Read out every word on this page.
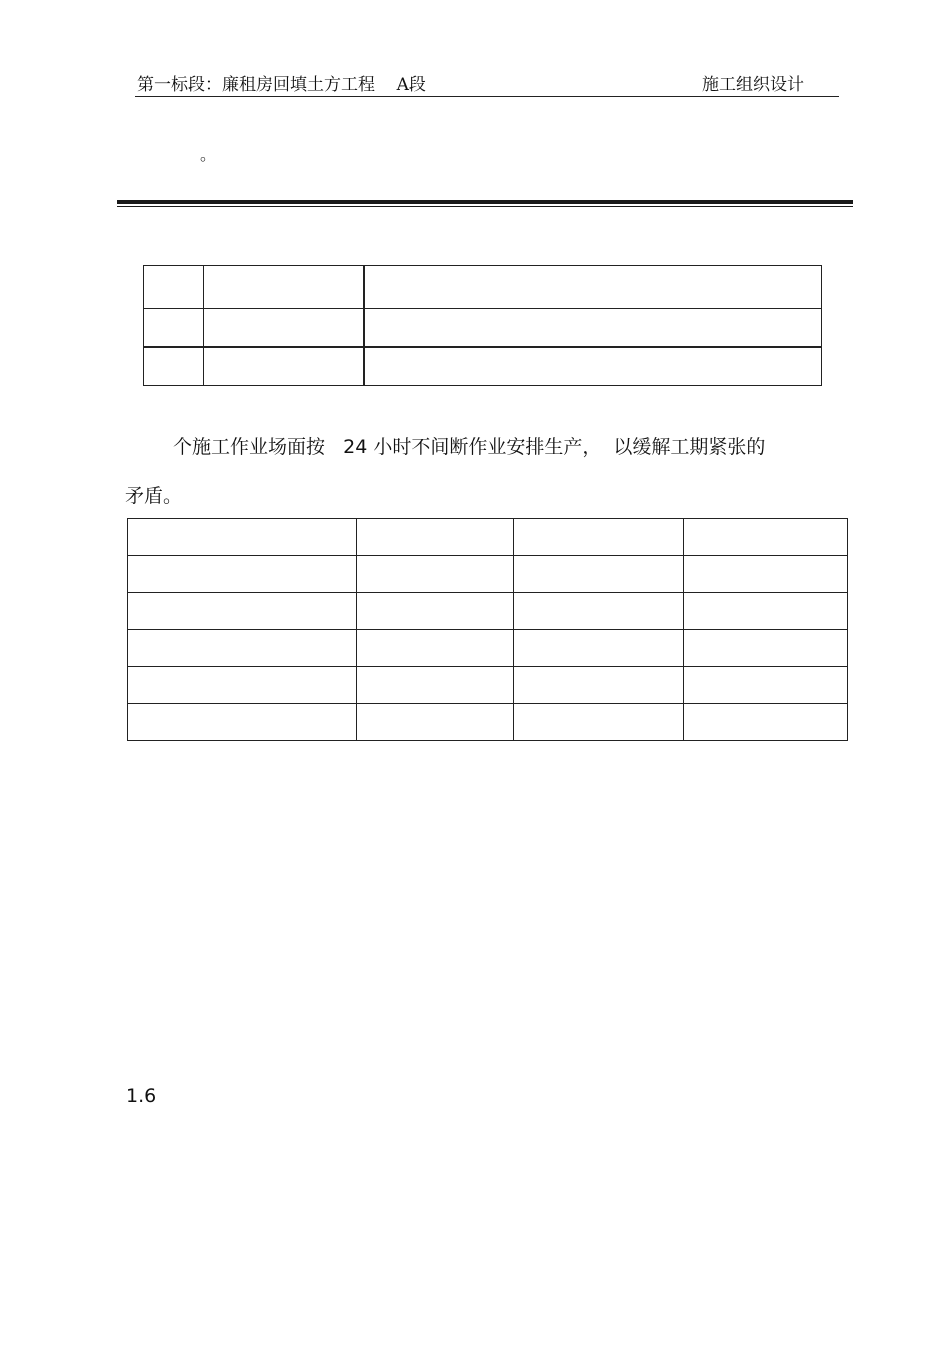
第一标段：廉租房回填土方工程    A段	施工组织设计
。

个施工作业场面按   24 小时不间断作业安排生产，  以缓解工期紧张的
矛盾。

1.6
